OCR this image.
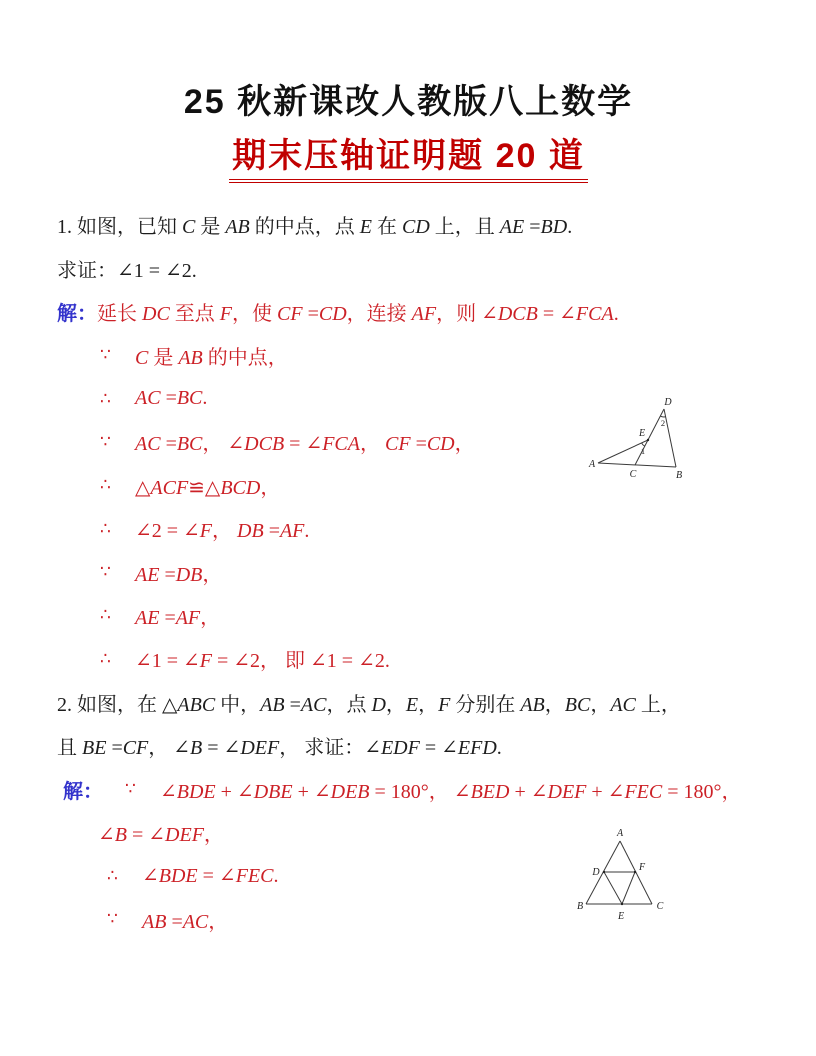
25 秋新课改人教版八上数学
期末压轴证明题 20 道
1. 如图，已知 C 是 AB 的中点，点 E 在 CD 上，且 AE =BD.
求证：∠1 = ∠2.
解： 延长 DC 至点 F，使 CF =CD，连接 AF，则 ∠DCB = ∠FCA.
∵	C 是 AB 的中点，
∴	AC =BC.
∵	AC =BC， ∠DCB = ∠FCA， CF =CD，
∴	△ACF≌△BCD，
∴	∠2 = ∠F， DB =AF.
∵	AE =DB，
∴	AE =AF，
∴	∠1 = ∠F = ∠2， 即 ∠1 = ∠2.
2. 如图，在 △ABC 中，AB =AC，点 D，E，F 分别在 AB，BC，AC 上，
且 BE =CF， ∠B = ∠DEF， 求证：∠EDF = ∠EFD.
解： ∵	∠BDE + ∠DBE + ∠DEB = 180°， ∠BED + ∠DEF + ∠FEC = 180°，
∠B = ∠DEF，
∴	∠BDE = ∠FEC.
∵	AB =AC，
A
B
C
D
E
2
1
A
B	C
D
E
F
